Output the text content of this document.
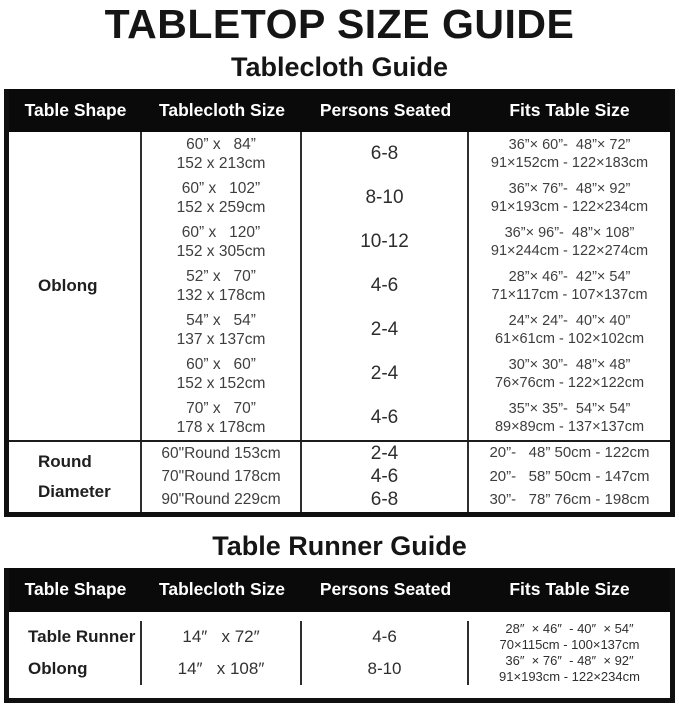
TABLETOP SIZE GUIDE
Tablecloth Guide
Table Shape	Tablecloth Size	Persons Seated	Fits Table Size
Oblong
60” x   84”
152 x 213cm	6-8	36”× 60”-  48”× 72”
91×152cm - 122×183cm
60” x   102”
152 x 259cm	8-10	36”× 76”-  48”× 92”
91×193cm - 122×234cm
60” x   120”
152 x 305cm	10-12	36”× 96”-  48”× 108”
91×244cm - 122×274cm
52” x   70”
132 x 178cm	4-6	28”× 46”-  42”× 54”
71×117cm - 107×137cm
54” x   54”
137 x 137cm	2-4	24”× 24”-  40”× 40”
61×61cm - 102×102cm
60” x   60”
152 x 152cm	2-4	30”× 30”-  48”× 48”
76×76cm - 122×122cm
70” x   70”
178 x 178cm	4-6	35”× 35”-  54”× 54”
89×89cm - 137×137cm
Round
Diameter
60"Round 153cm	2-4	20”-   48” 50cm - 122cm
70"Round 178cm	4-6	20”-   58” 50cm - 147cm
90"Round 229cm	6-8	30”-   78” 76cm - 198cm
Table Runner Guide
Table Shape	Tablecloth Size	Persons Seated	Fits Table Size
Table Runner
Oblong
14″   x 72″	4-6	28″  × 46″  - 40″  × 54″
70×115cm - 100×137cm
14″   x 108″	8-10	36″  × 76″  - 48″  × 92″
91×193cm - 122×234cm
